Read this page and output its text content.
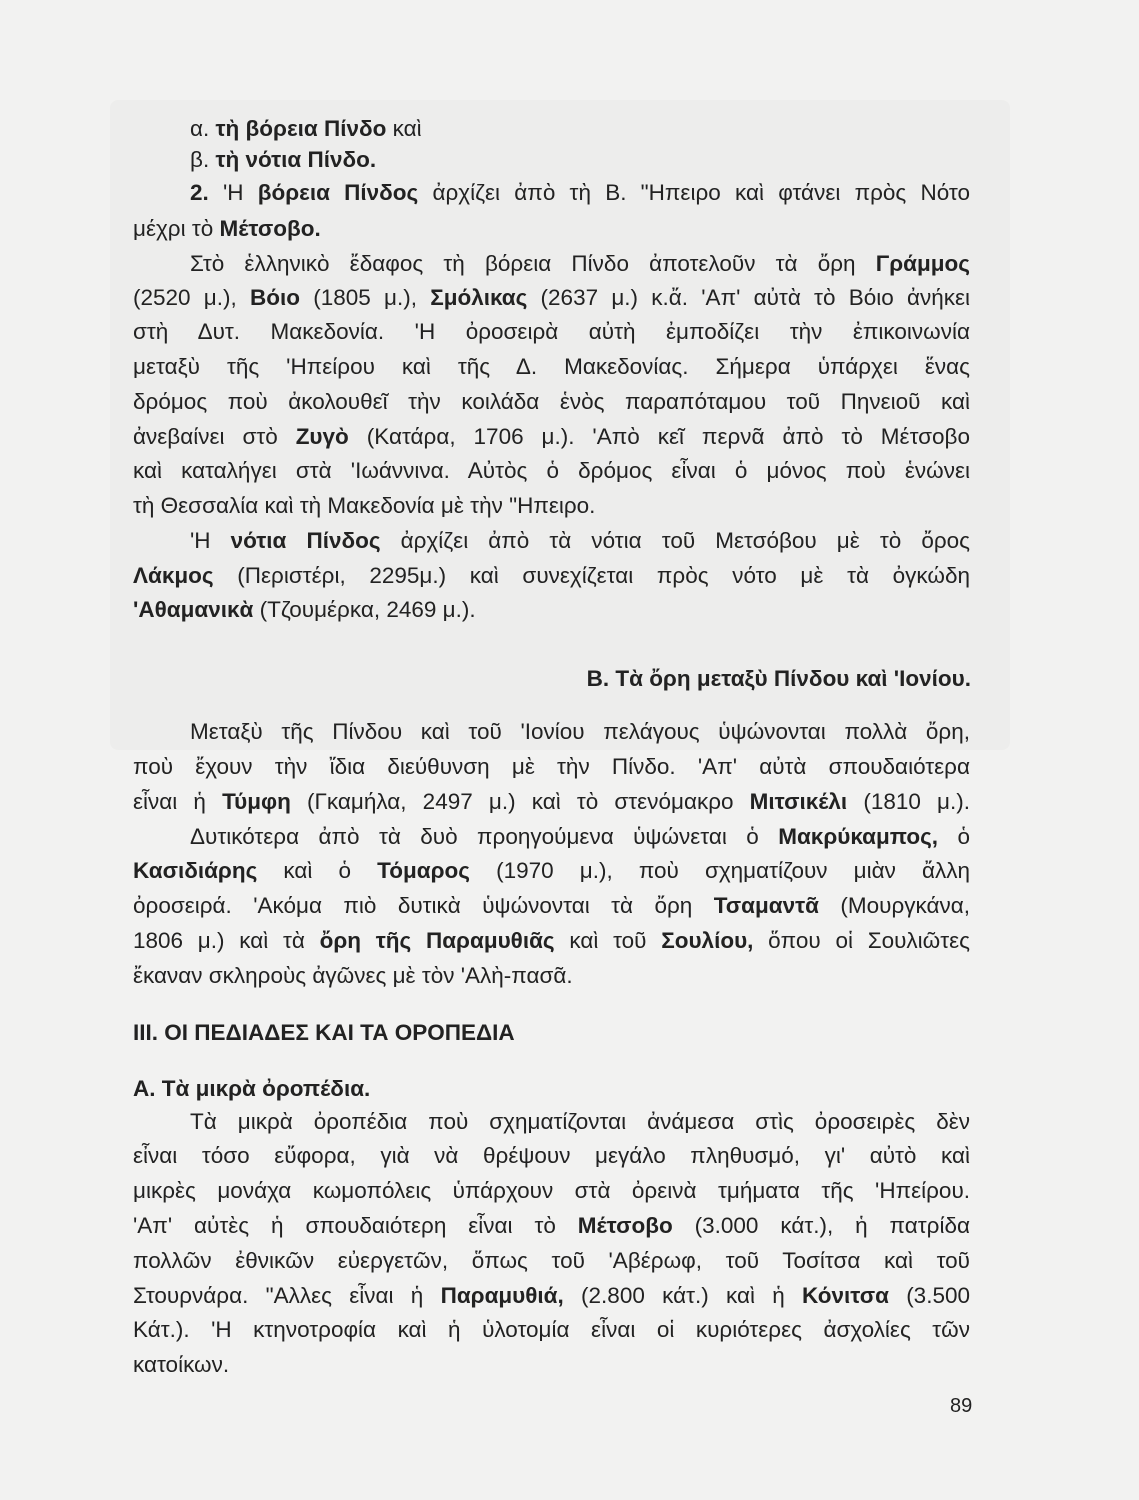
α. τὴ βόρεια Πίνδο καὶ
β. τὴ νότια Πίνδο.
2. 'Η βόρεια Πίνδος ἀρχίζει ἀπὸ τὴ Β. "Ηπειρο καὶ φτάνει πρὸς Νότο
μέχρι τὸ Μέτσοβο.
Στὸ ἑλληνικὸ ἔδαφος τὴ βόρεια Πίνδο ἀποτελοῦν τὰ ὄρη Γράμμος
(2520 μ.), Βόιο (1805 μ.), Σμόλικας (2637 μ.) κ.ἄ. 'Απ' αὐτὰ τὸ Βόιο ἀνήκει
στὴ Δυτ. Μακεδονία. 'Η ὀροσειρὰ αὐτὴ ἐμποδίζει τὴν ἐπικοινωνία
μεταξὺ τῆς 'Ηπείρου καὶ τῆς Δ. Μακεδονίας. Σήμερα ὑπάρχει ἕνας
δρόμος ποὺ ἀκολουθεῖ τὴν κοιλάδα ἑνὸς παραπόταμου τοῦ Πηνειοῦ καὶ
ἀνεβαίνει στὸ Ζυγὸ (Κατάρα, 1706 μ.). 'Απὸ κεῖ περνᾶ ἀπὸ τὸ Μέτσοβο
καὶ καταλήγει στὰ 'Ιωάννινα. Αὐτὸς ὁ δρόμος εἶναι ὁ μόνος ποὺ ἑνώνει
τὴ Θεσσαλία καὶ τὴ Μακεδονία μὲ τὴν "Ηπειρο.
'Η νότια Πίνδος ἀρχίζει ἀπὸ τὰ νότια τοῦ Μετσόβου μὲ τὸ ὄρος
Λάκμος (Περιστέρι, 2295μ.) καὶ συνεχίζεται πρὸς νότο μὲ τὰ ὀγκώδη
'Αθαμανικὰ (Τζουμέρκα, 2469 μ.).
Β. Τὰ ὄρη μεταξὺ Πίνδου καὶ 'Ιονίου.
Μεταξὺ τῆς Πίνδου καὶ τοῦ 'Ιονίου πελάγους ὑψώνονται πολλὰ ὄρη,
ποὺ ἔχουν τὴν ἴδια διεύθυνση μὲ τὴν Πίνδο. 'Απ' αὐτὰ σπουδαιότερα
εἶναι ἡ Τύμφη (Γκαμήλα, 2497 μ.) καὶ τὸ στενόμακρο Μιτσικέλι (1810 μ.).
Δυτικότερα ἀπὸ τὰ δυὸ προηγούμενα ὑψώνεται ὁ Μακρύκαμπος, ὁ
Κασιδιάρης καὶ ὁ Τόμαρος (1970 μ.), ποὺ σχηματίζουν μιὰν ἄλλη
ὀροσειρά. 'Ακόμα πιὸ δυτικὰ ὑψώνονται τὰ ὄρη Τσαμαντᾶ (Μουργκάνα,
1806 μ.) καὶ τὰ ὄρη τῆς Παραμυθιᾶς καὶ τοῦ Σουλίου, ὅπου οἱ Σουλιῶτες
ἔκαναν σκληροὺς ἀγῶνες μὲ τὸν 'Αλὴ-πασᾶ.
III. ΟΙ ΠΕΔΙΑΔΕΣ ΚΑΙ ΤΑ ΟΡΟΠΕΔΙΑ
Α. Τὰ μικρὰ ὀροπέδια.
Τὰ μικρὰ ὀροπέδια ποὺ σχηματίζονται ἀνάμεσα στὶς ὀροσειρὲς δὲν
εἶναι τόσο εὔφορα, γιὰ νὰ θρέψουν μεγάλο πληθυσμό, γι' αὐτὸ καὶ
μικρὲς μονάχα κωμοπόλεις ὑπάρχουν στὰ ὀρεινὰ τμήματα τῆς 'Ηπείρου.
'Απ' αὐτὲς ἡ σπουδαιότερη εἶναι τὸ Μέτσοβο (3.000 κάτ.), ἡ πατρίδα
πολλῶν ἐθνικῶν εὐεργετῶν, ὅπως τοῦ 'Αβέρωφ, τοῦ Τοσίτσα καὶ τοῦ
Στουρνάρα. "Αλλες εἶναι ἡ Παραμυθιά, (2.800 κάτ.) καὶ ἡ Κόνιτσα (3.500
Κάτ.). 'Η κτηνοτροφία καὶ ἡ ὑλοτομία εἶναι οἱ κυριότερες ἀσχολίες τῶν
κατοίκων.
89
